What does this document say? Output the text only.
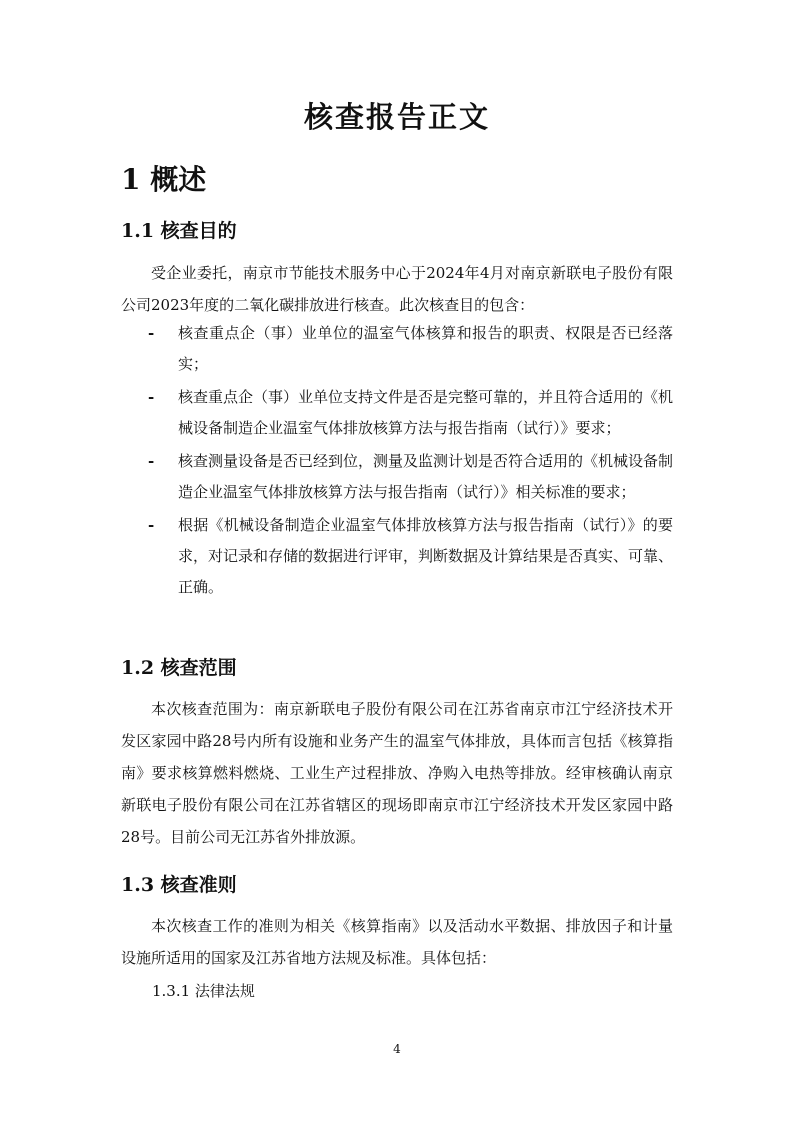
核查报告正文
1 概述
1.1 核查目的
受企业委托，南京市节能技术服务中心于2024年4月对南京新联电子股份有限公司2023年度的二氧化碳排放进行核查。此次核查目的包含：
- 核查重点企（事）业单位的温室气体核算和报告的职责、权限是否已经落实；
- 核查重点企（事）业单位支持文件是否是完整可靠的，并且符合适用的《机械设备制造企业温室气体排放核算方法与报告指南（试行）》要求；
- 核查测量设备是否已经到位，测量及监测计划是否符合适用的《机械设备制造企业温室气体排放核算方法与报告指南（试行）》相关标准的要求；
- 根据《机械设备制造企业温室气体排放核算方法与报告指南（试行）》的要求，对记录和存储的数据进行评审，判断数据及计算结果是否真实、可靠、正确。
1.2 核查范围
本次核查范围为：南京新联电子股份有限公司在江苏省南京市江宁经济技术开发区家园中路28号内所有设施和业务产生的温室气体排放，具体而言包括《核算指南》要求核算燃料燃烧、工业生产过程排放、净购入电热等排放。经审核确认南京新联电子股份有限公司在江苏省辖区的现场即南京市江宁经济技术开发区家园中路28号。目前公司无江苏省外排放源。
1.3 核查准则
本次核查工作的准则为相关《核算指南》以及活动水平数据、排放因子和计量设施所适用的国家及江苏省地方法规及标准。具体包括：
1.3.1 法律法规
4
